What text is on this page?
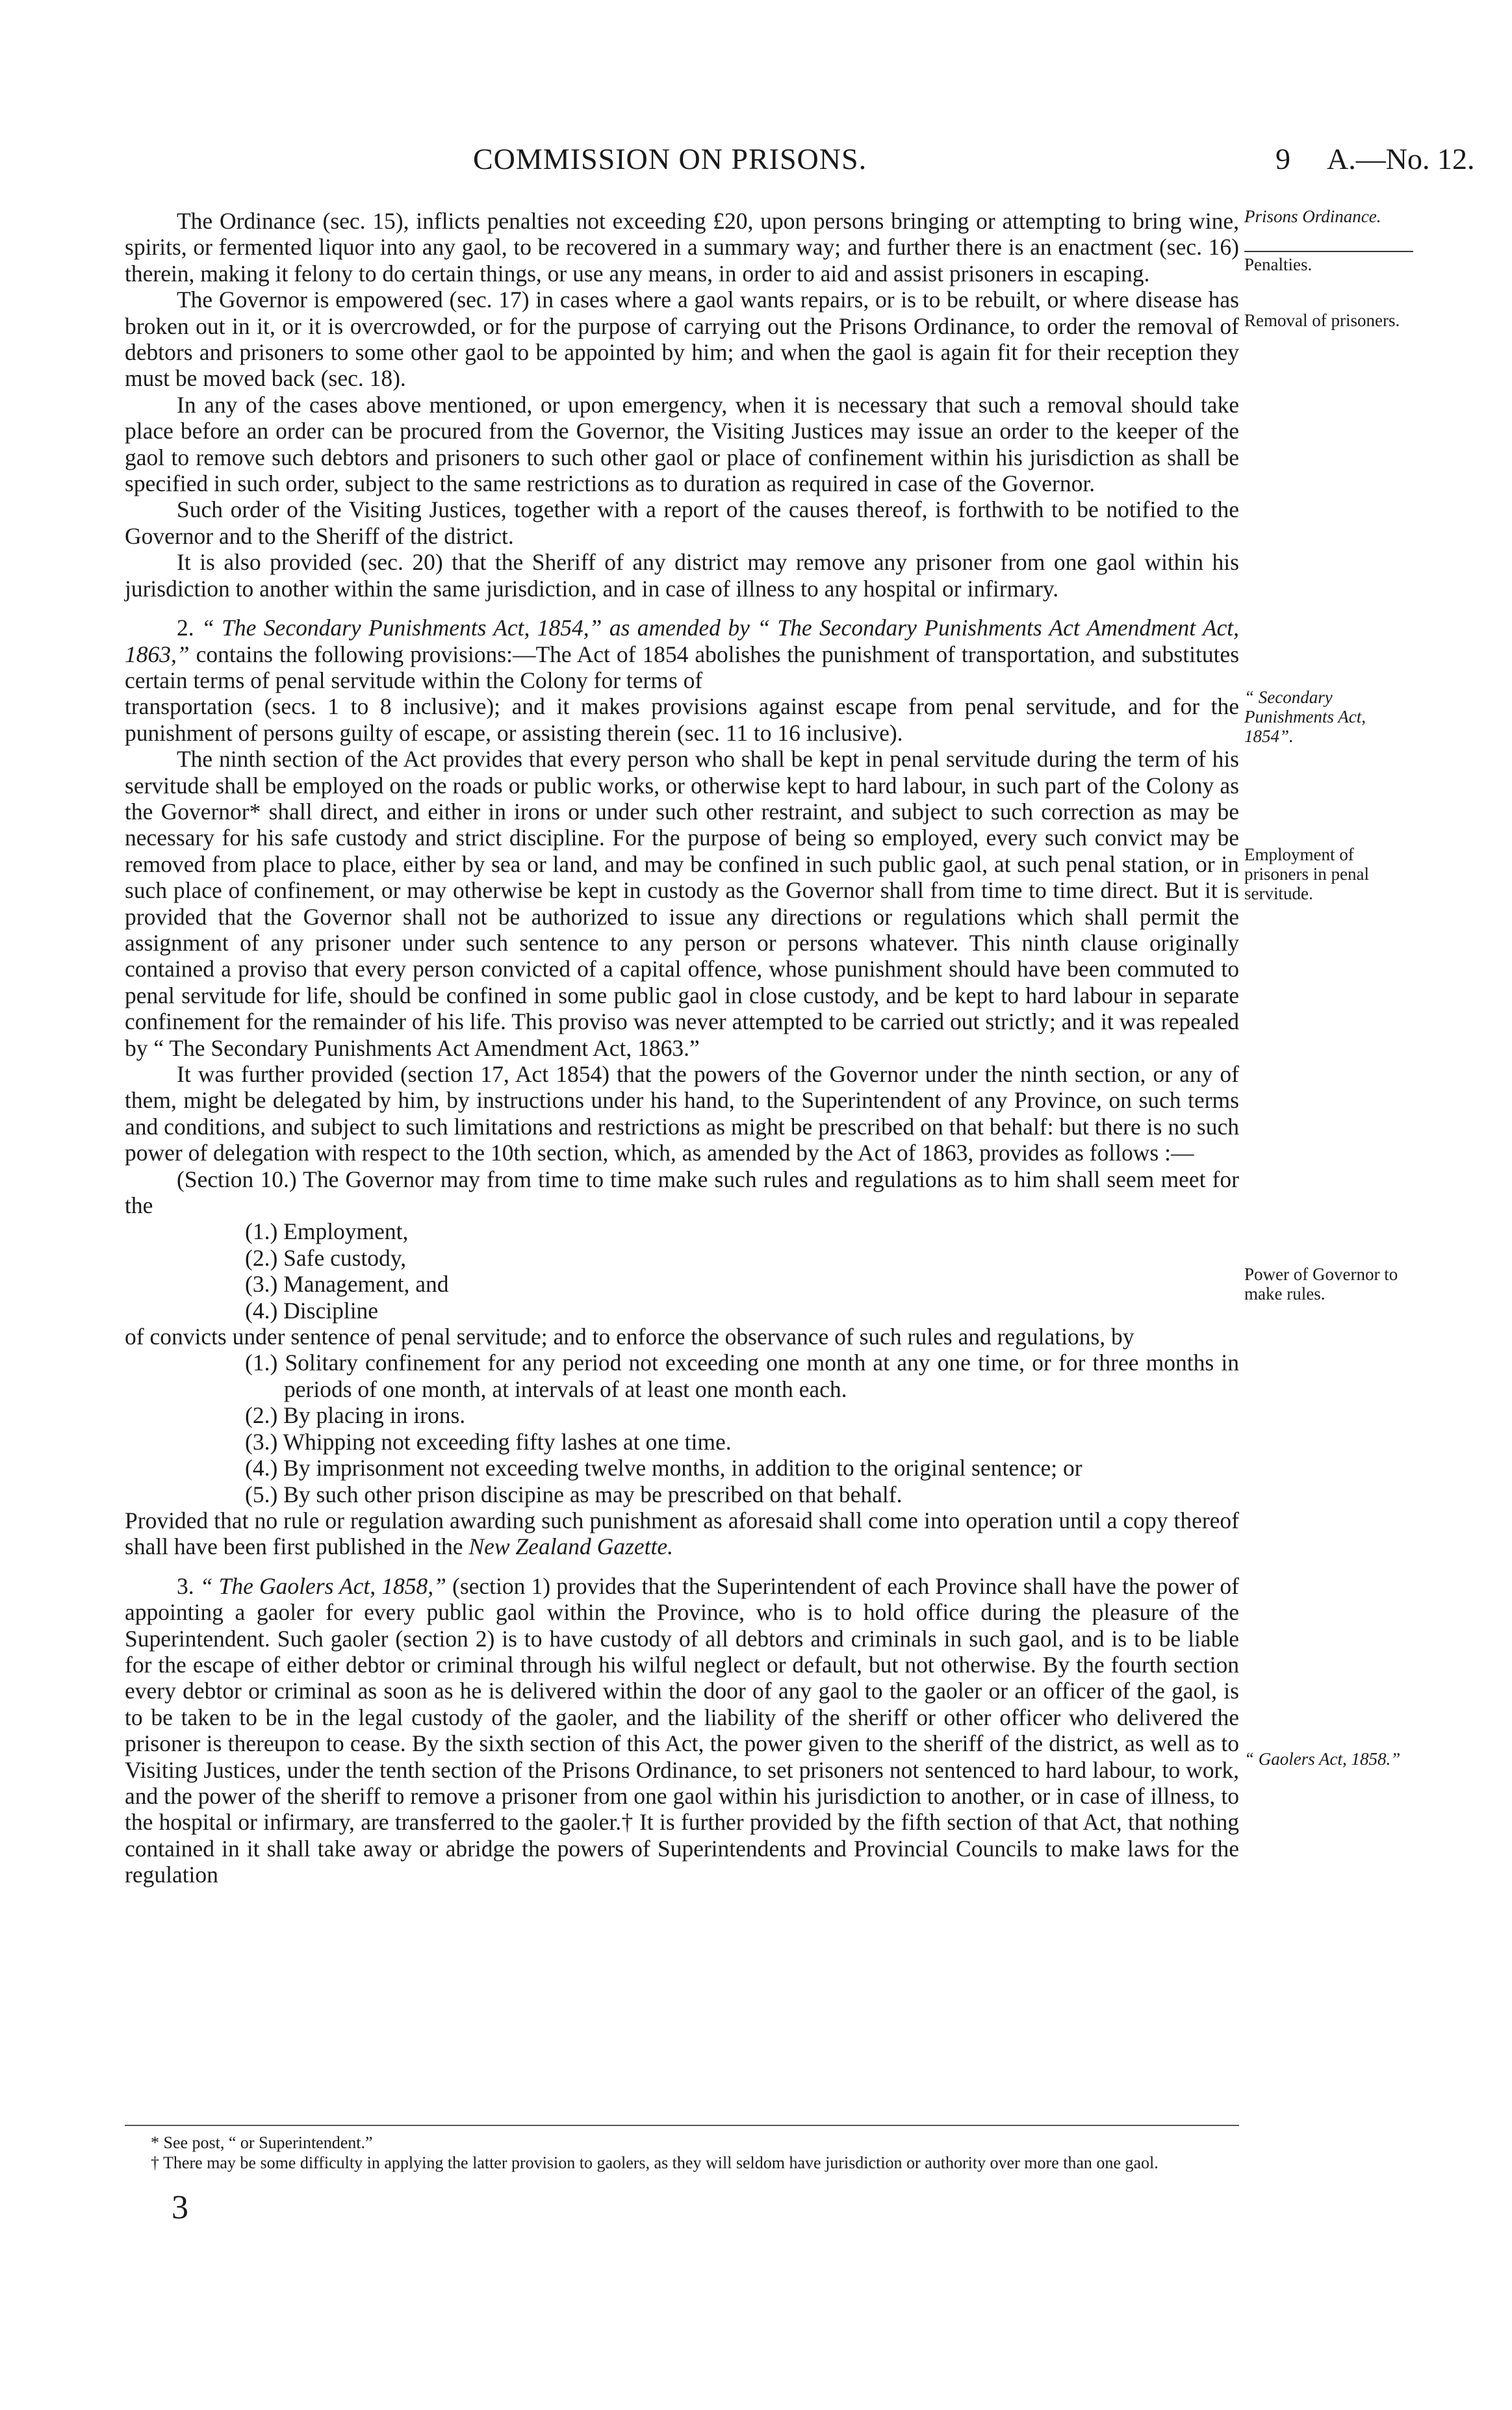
COMMISSION ON PRISONS.	9 A.—No. 12.

The Ordinance (sec. 15), inflicts penalties not exceeding £20, upon persons bringing or attempting to bring wine, spirits, or fermented liquor into any gaol, to be recovered in a summary way; and further there is an enactment (sec. 16) therein, making it felony to do certain things, or use any means, in order to aid and assist prisoners in escaping.

The Governor is empowered (sec. 17) in cases where a gaol wants repairs, or is to be rebuilt, or where disease has broken out in it, or it is overcrowded, or for the purpose of carrying out the Prisons Ordinance, to order the removal of debtors and prisoners to some other gaol to be appointed by him; and when the gaol is again fit for their reception they must be moved back (sec. 18).

In any of the cases above mentioned, or upon emergency, when it is necessary that such a removal should take place before an order can be procured from the Governor, the Visiting Justices may issue an order to the keeper of the gaol to remove such debtors and prisoners to such other gaol or place of confinement within his jurisdiction as shall be specified in such order, subject to the same restrictions as to duration as required in case of the Governor.

Such order of the Visiting Justices, together with a report of the causes thereof, is forthwith to be notified to the Governor and to the Sheriff of the district.

It is also provided (sec. 20) that the Sheriff of any district may remove any prisoner from one gaol within his jurisdiction to another within the same jurisdiction, and in case of illness to any hospital or infirmary.

2. “ The Secondary Punishments Act, 1854,” as amended by “ The Secondary Punishments Act Amendment Act, 1863,” contains the following provisions:—The Act of 1854 abolishes the punishment of transportation, and substitutes certain terms of penal servitude within the Colony for terms of

transportation (secs. 1 to 8 inclusive); and it makes provisions against escape from penal servitude, and for the punishment of persons guilty of escape, or assisting therein (sec. 11 to 16 inclusive).

The ninth section of the Act provides that every person who shall be kept in penal servitude during the term of his servitude shall be employed on the roads or public works, or otherwise kept to hard labour, in such part of the Colony as the Governor* shall direct, and either in irons or under such other restraint, and subject to such correction as may be necessary for his safe custody and strict discipline. For the purpose of being so employed, every such convict may be removed from place to place, either by sea or land, and may be confined in such public gaol, at such penal station, or in such place of confinement, or may otherwise be kept in custody as the Governor shall from time to time direct. But it is provided that the Governor shall not be authorized to issue any directions or regulations which shall permit the assignment of any prisoner under such sentence to any person or persons whatever. This ninth clause originally contained a proviso that every person convicted of a capital offence, whose punishment should have been commuted to penal servitude for life, should be confined in some public gaol in close custody, and be kept to hard labour in separate confinement for the remainder of his life. This proviso was never attempted to be carried out strictly; and it was repealed by “ The Secondary Punishments Act Amendment Act, 1863.”

It was further provided (section 17, Act 1854) that the powers of the Governor under the ninth section, or any of them, might be delegated by him, by instructions under his hand, to the Superintendent of any Province, on such terms and conditions, and subject to such limitations and restrictions as might be prescribed on that behalf: but there is no such power of delegation with respect to the 10th section, which, as amended by the Act of 1863, provides as follows :—

(Section 10.) The Governor may from time to time make such rules and regulations as to him shall seem meet for the

(1.) Employment,
(2.) Safe custody,
(3.) Management, and
(4.) Discipline

of convicts under sentence of penal servitude; and to enforce the observance of such rules and regulations, by

(1.) Solitary confinement for any period not exceeding one month at any one time, or for three months in periods of one month, at intervals of at least one month each.
(2.) By placing in irons.
(3.) Whipping not exceeding fifty lashes at one time.
(4.) By imprisonment not exceeding twelve months, in addition to the original sentence; or
(5.) By such other prison discipine as may be prescribed on that behalf.

Provided that no rule or regulation awarding such punishment as aforesaid shall come into operation until a copy thereof shall have been first published in the New Zealand Gazette.

3. “ The Gaolers Act, 1858,” (section 1) provides that the Superintendent of each Province shall have the power of appointing a gaoler for every public gaol within the Province, who is to hold office during the pleasure of the Superintendent. Such gaoler (section 2) is to have custody of all debtors and criminals in such gaol, and is to be liable for the escape of either debtor or criminal through his wilful neglect or default, but not otherwise. By the fourth section every debtor or criminal as soon as he is delivered within the door of any gaol to the gaoler or an officer of the gaol, is to be taken to be in the legal custody of the gaoler, and the liability of the sheriff or other officer who delivered the prisoner is thereupon to cease. By the sixth section of this Act, the power given to the sheriff of the district, as well as to Visiting Justices, under the tenth section of the Prisons Ordinance, to set prisoners not sentenced to hard labour, to work, and the power of the sheriff to remove a prisoner from one gaol within his jurisdiction to another, or in case of illness, to the hospital or infirmary, are transferred to the gaoler.† It is further provided by the fifth section of that Act, that nothing contained in it shall take away or abridge the powers of Superintendents and Provincial Councils to make laws for the regulation

Prisons Ordinance.
Penalties.
Removal of prisoners.
“ Secondary Punishments Act, 1854”.
Employment of prisoners in penal servitude.
Power of Governor to make rules.
“ Gaolers Act, 1858.”
* See post, “ or Superintendent.”
† There may be some difficulty in applying the latter provision to gaolers, as they will seldom have jurisdiction or authority over more than one gaol.
3
